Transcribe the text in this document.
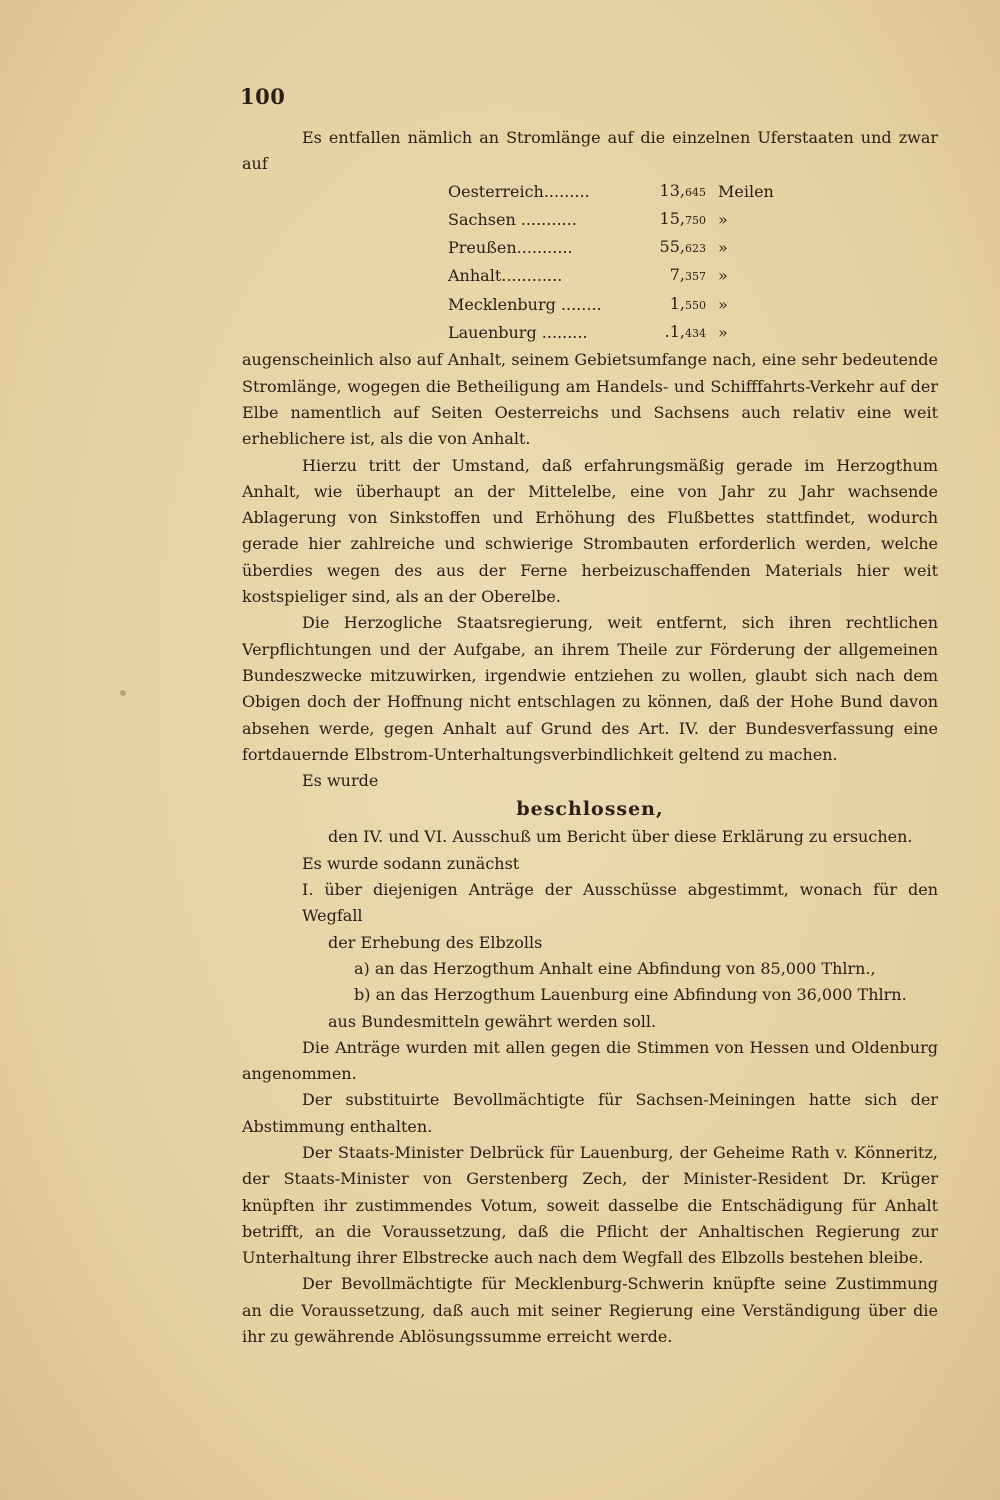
100

Es entfallen nämlich an Stromlänge auf die einzelnen Uferstaaten und zwar auf

Oesterreich.........	13,645	Meilen
Sachsen ...........	15,750	»
Preußen...........	55,623	»
Anhalt............	7,357	»
Mecklenburg ........	1,550	»
Lauenburg .........	.1,434	»

augenscheinlich also auf Anhalt, seinem Gebietsumfange nach, eine sehr bedeutende Stromlänge, wogegen die Betheiligung am Handels- und Schifffahrts-Verkehr auf der Elbe namentlich auf Seiten Oesterreichs und Sachsens auch relativ eine weit erheblichere ist, als die von Anhalt.

Hierzu tritt der Umstand, daß erfahrungsmäßig gerade im Herzogthum Anhalt, wie überhaupt an der Mittelelbe, eine von Jahr zu Jahr wachsende Ablagerung von Sinkstoffen und Erhöhung des Flußbettes stattfindet, wodurch gerade hier zahlreiche und schwierige Strombauten erforderlich werden, welche überdies wegen des aus der Ferne herbeizuschaffenden Materials hier weit kostspieliger sind, als an der Oberelbe.

Die Herzogliche Staatsregierung, weit entfernt, sich ihren rechtlichen Verpflichtungen und der Aufgabe, an ihrem Theile zur Förderung der allgemeinen Bundeszwecke mitzuwirken, irgendwie entziehen zu wollen, glaubt sich nach dem Obigen doch der Hoffnung nicht entschlagen zu können, daß der Hohe Bund davon absehen werde, gegen Anhalt auf Grund des Art. IV. der Bundesverfassung eine fortdauernde Elbstrom-Unterhaltungsverbindlichkeit geltend zu machen.

Es wurde

beschlossen,

den IV. und VI. Ausschuß um Bericht über diese Erklärung zu ersuchen.

Es wurde sodann zunächst

I. über diejenigen Anträge der Ausschüsse abgestimmt, wonach für den Wegfall

der Erhebung des Elbzolls

a) an das Herzogthum Anhalt eine Abfindung von 85,000 Thlrn.,

b) an das Herzogthum Lauenburg eine Abfindung von 36,000 Thlrn.

aus Bundesmitteln gewährt werden soll.

Die Anträge wurden mit allen gegen die Stimmen von Hessen und Oldenburg angenommen.

Der substituirte Bevollmächtigte für Sachsen-Meiningen hatte sich der Abstimmung enthalten.

Der Staats-Minister Delbrück für Lauenburg, der Geheime Rath v. Könneritz, der Staats-Minister von Gerstenberg Zech, der Minister-Resident Dr. Krüger knüpften ihr zustimmendes Votum, soweit dasselbe die Entschädigung für Anhalt betrifft, an die Voraussetzung, daß die Pflicht der Anhaltischen Regierung zur Unterhaltung ihrer Elbstrecke auch nach dem Wegfall des Elbzolls bestehen bleibe.

Der Bevollmächtigte für Mecklenburg-Schwerin knüpfte seine Zustimmung an die Voraussetzung, daß auch mit seiner Regierung eine Verständigung über die ihr zu gewährende Ablösungssumme erreicht werde.
